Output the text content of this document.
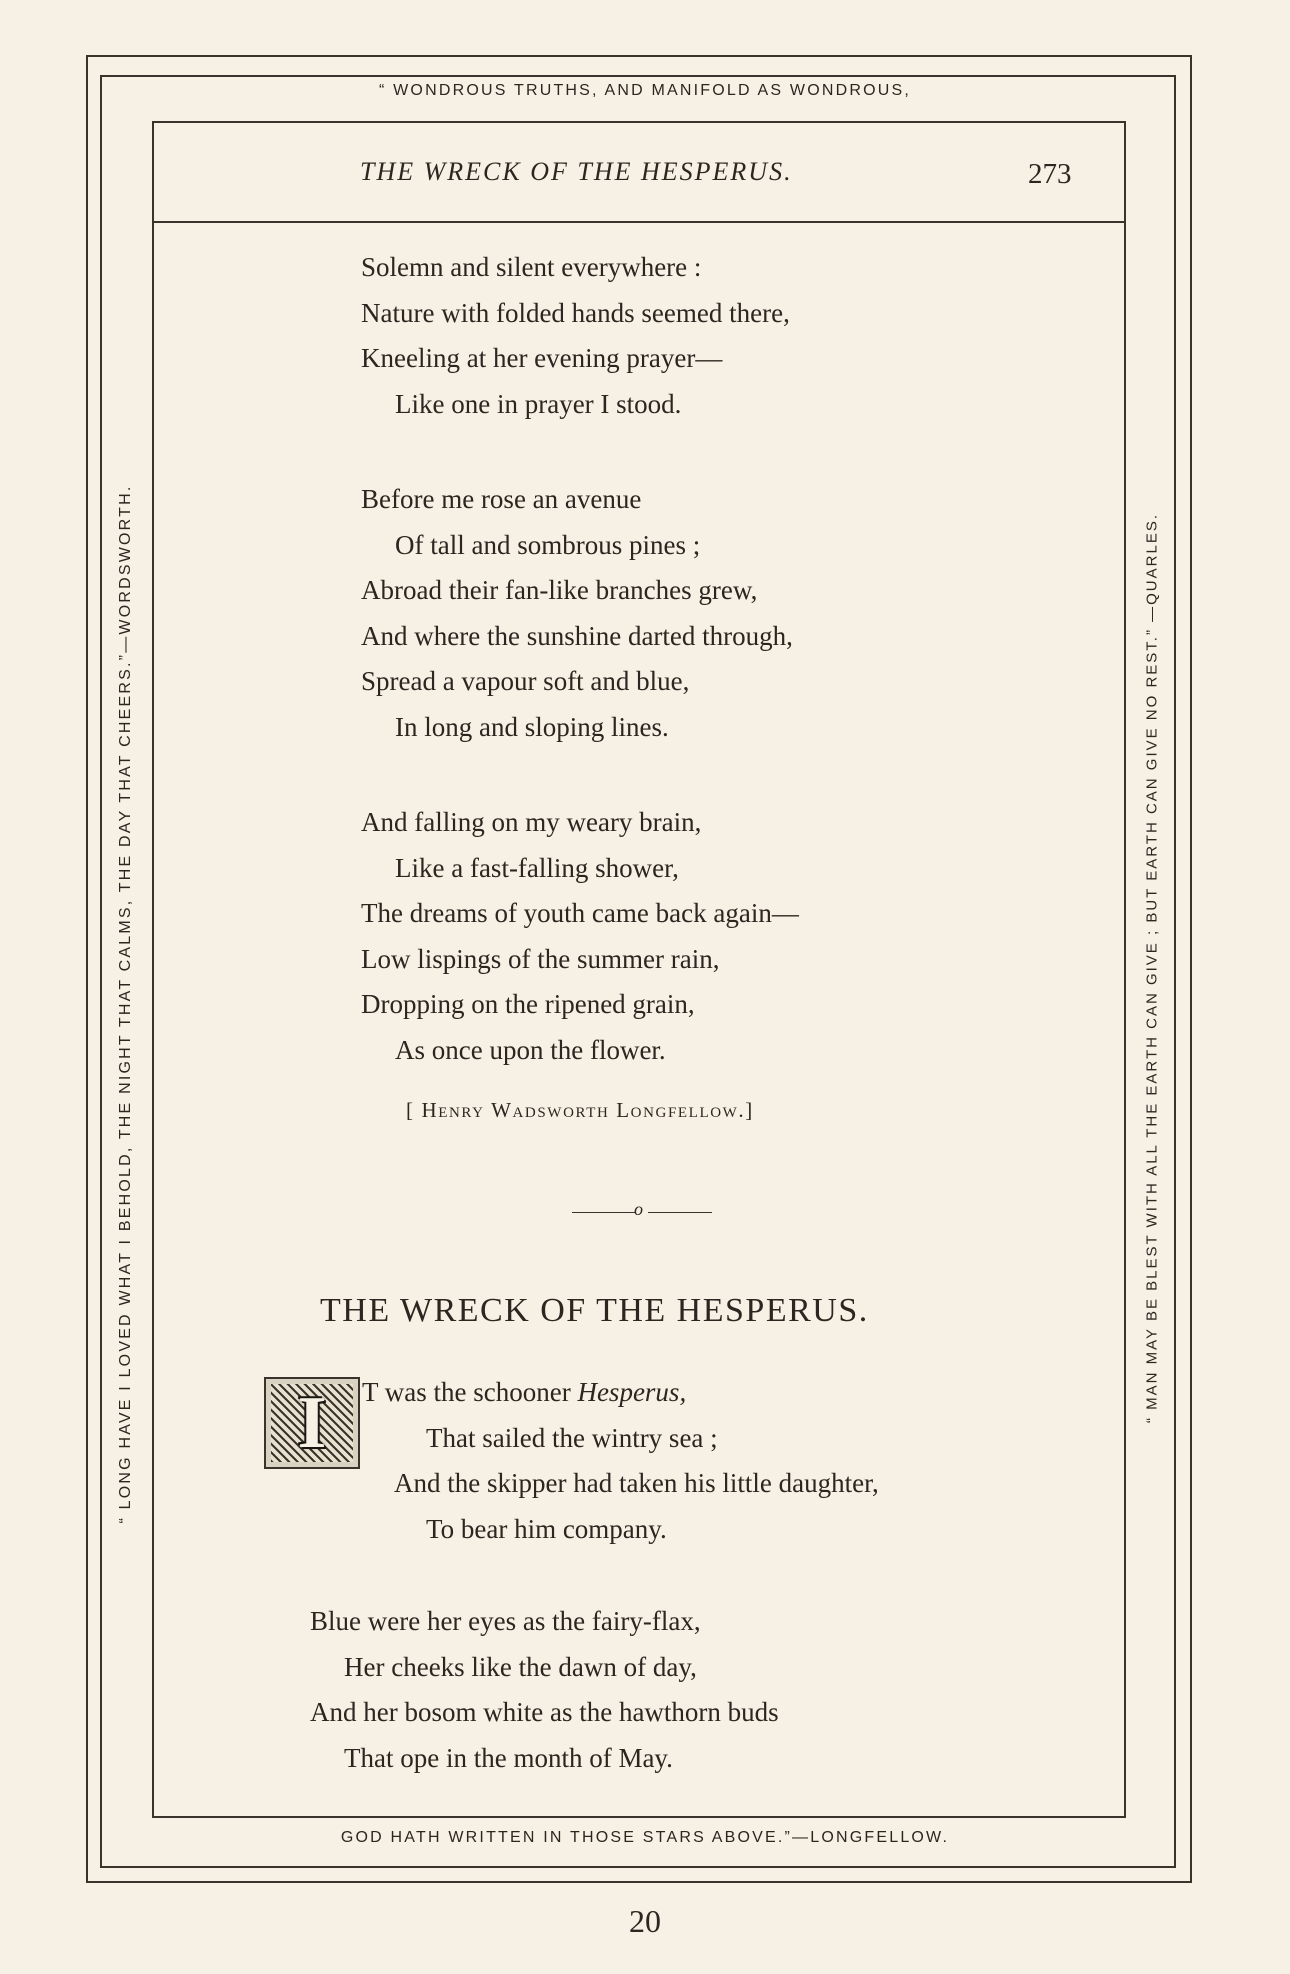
“ WONDROUS TRUTHS, AND MANIFOLD AS WONDROUS,
“ LONG HAVE I LOVED WHAT I BEHOLD, THE NIGHT THAT CALMS, THE DAY THAT CHEERS.”—WORDSWORTH.	“ MAN MAY BE BLEST WITH ALL THE EARTH CAN GIVE ; BUT EARTH CAN GIVE NO REST.” —QUARLES.
GOD HATH WRITTEN IN THOSE STARS ABOVE.”—LONGFELLOW.
THE WRECK OF THE HESPERUS.	273
Solemn and silent everywhere :
Nature with folded hands seemed there,
Kneeling at her evening prayer—
Like one in prayer I stood.
Before me rose an avenue
Of tall and sombrous pines ;
Abroad their fan-like branches grew,
And where the sunshine darted through,
Spread a vapour soft and blue,
In long and sloping lines.
And falling on my weary brain,
Like a fast-falling shower,
The dreams of youth came back again—
Low lispings of the summer rain,
Dropping on the ripened grain,
As once upon the flower.
[ Henry Wadsworth Longfellow.]
o
THE WRECK OF THE HESPERUS.
I T was the schooner Hesperus,
That sailed the wintry sea ;
And the skipper had taken his little daughter,
To bear him company.
Blue were her eyes as the fairy-flax,
Her cheeks like the dawn of day,
And her bosom white as the hawthorn buds
That ope in the month of May.
20
